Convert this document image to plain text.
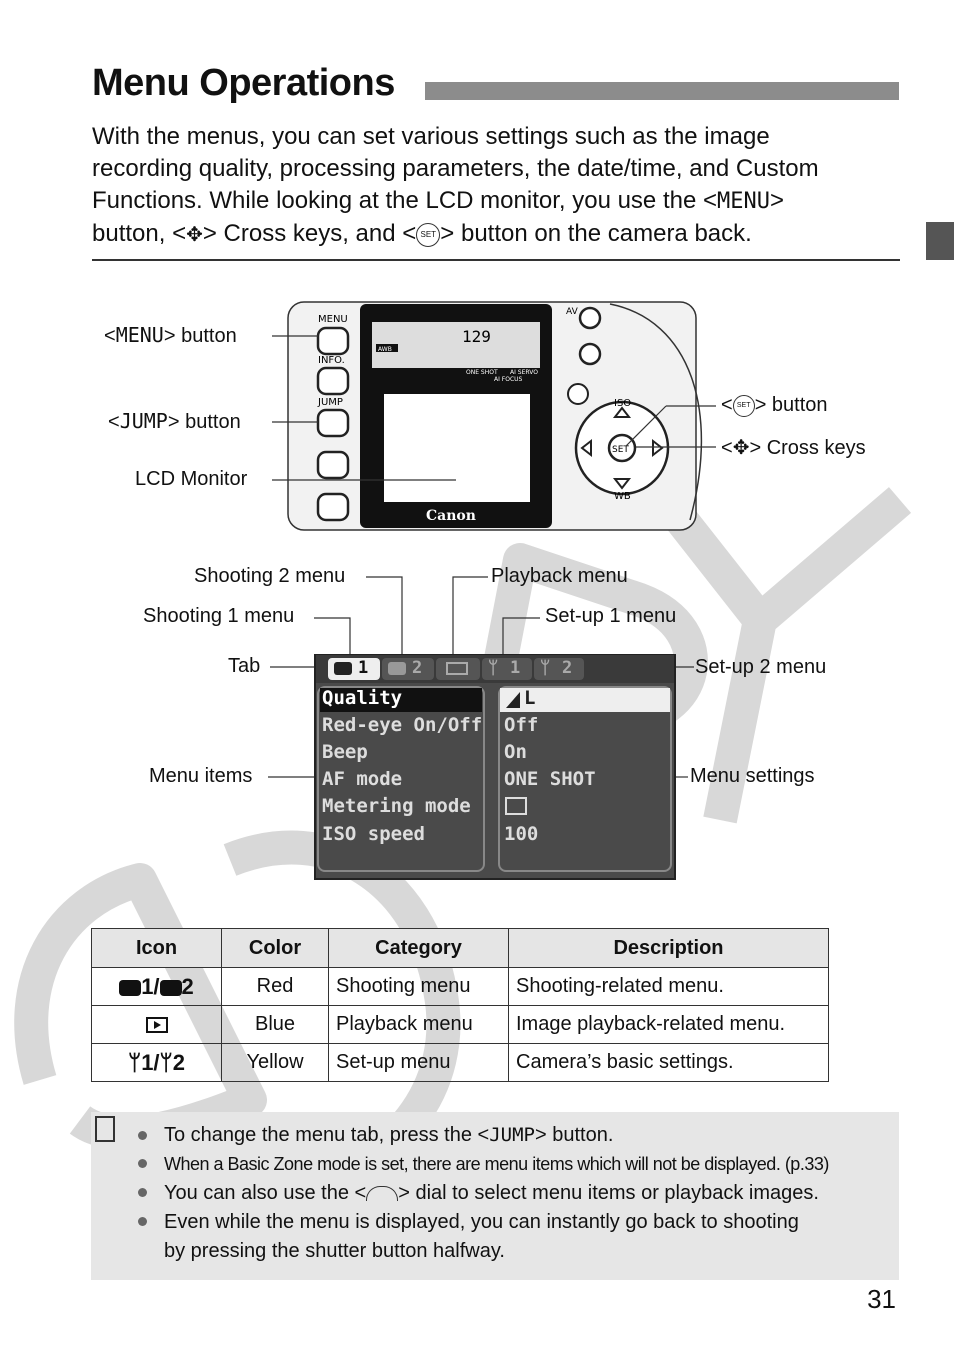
Menu Operations
With the menus, you can set various settings such as the image
recording quality, processing parameters, the date/time, and Custom
Functions. While looking at the LCD monitor, you use the <MENU>
button, <✥> Cross keys, and < SET > button on the camera back.
MENU
INFO.
JUMP
AWB
129
ONE SHOT AI SERVO
AI FOCUS
Canon
AV
SET
ISO
WB
<MENU> button
<JUMP> button
LCD Monitor
< SET > button
<✥> Cross keys
Shooting 2 menu	Playback menu
Shooting 1 menu	Set-up 1 menu
Tab	Set-up 2 menu
Menu items	Menu settings
1	2	ᛘ 1 ᛘ 2
Quality
Red-eye On/Off
Beep
AF mode
Metering mode
ISO speed
L
Off
On
ONE SHOT
100
Icon	Color	Category	Description
1/ 2	Red	Shooting menu	Shooting-related menu.

	Blue	Playback menu	Image playback-related menu.
ᛘ1/ᛘ2	Yellow	Set-up menu	Camera’s basic settings.
To change the menu tab, press the <JUMP> button.
When a Basic Zone mode is set, there are menu items which will not be displayed. (p.33)
You can also use the < > dial to select menu items or playback images.
Even while the menu is displayed, you can instantly go back to shooting
by pressing the shutter button halfway.
31
